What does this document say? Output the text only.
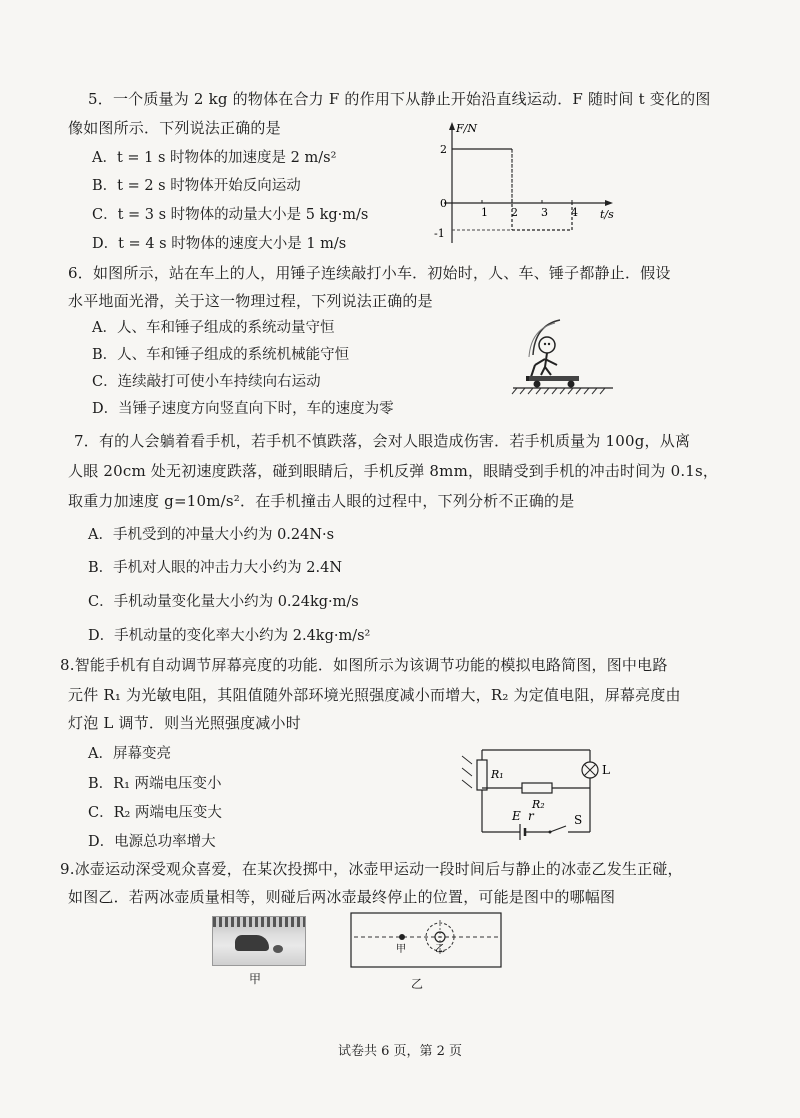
5．一个质量为 2 kg 的物体在合力 F 的作用下从静止开始沿直线运动．F 随时间 t 变化的图
像如图所示．下列说法正确的是
A．t = 1 s 时物体的加速度是 2 m/s²
B．t = 2 s 时物体开始反向运动
C．t = 3 s 时物体的动量大小是 5 kg·m/s
D．t = 4 s 时物体的速度大小是 1 m/s
F/N
t/s
2
0
-1
1 2 3 4
6．如图所示，站在车上的人，用锤子连续敲打小车．初始时，人、车、锤子都静止．假设
水平地面光滑，关于这一物理过程，下列说法正确的是
A．人、车和锤子组成的系统动量守恒
B．人、车和锤子组成的系统机械能守恒
C．连续敲打可使小车持续向右运动
D．当锤子速度方向竖直向下时，车的速度为零
7．有的人会躺着看手机，若手机不慎跌落，会对人眼造成伤害．若手机质量为 100g，从离
人眼 20cm 处无初速度跌落，碰到眼睛后，手机反弹 8mm，眼睛受到手机的冲击时间为 0.1s，
取重力加速度 g=10m/s²．在手机撞击人眼的过程中，下列分析不正确的是
A．手机受到的冲量大小约为 0.24N·s
B．手机对人眼的冲击力大小约为 2.4N
C．手机动量变化量大小约为 0.24kg·m/s
D．手机动量的变化率大小约为 2.4kg·m/s²
8.智能手机有自动调节屏幕亮度的功能．如图所示为该调节功能的模拟电路简图，图中电路
元件 R₁ 为光敏电阻，其阻值随外部环境光照强度减小而增大，R₂ 为定值电阻，屏幕亮度由
灯泡 L 调节．则当光照强度减小时
A．屏幕变亮
B．R₁ 两端电压变小
C．R₂ 两端电压变大
D．电源总功率增大
R₁
R₂
L
E r	S
9.冰壶运动深受观众喜爱，在某次投掷中，冰壶甲运动一段时间后与静止的冰壶乙发生正碰，
如图乙．若两冰壶质量相等，则碰后两冰壶最终停止的位置，可能是图中的哪幅图
甲
甲	乙
乙
试卷共 6 页，第 2 页
